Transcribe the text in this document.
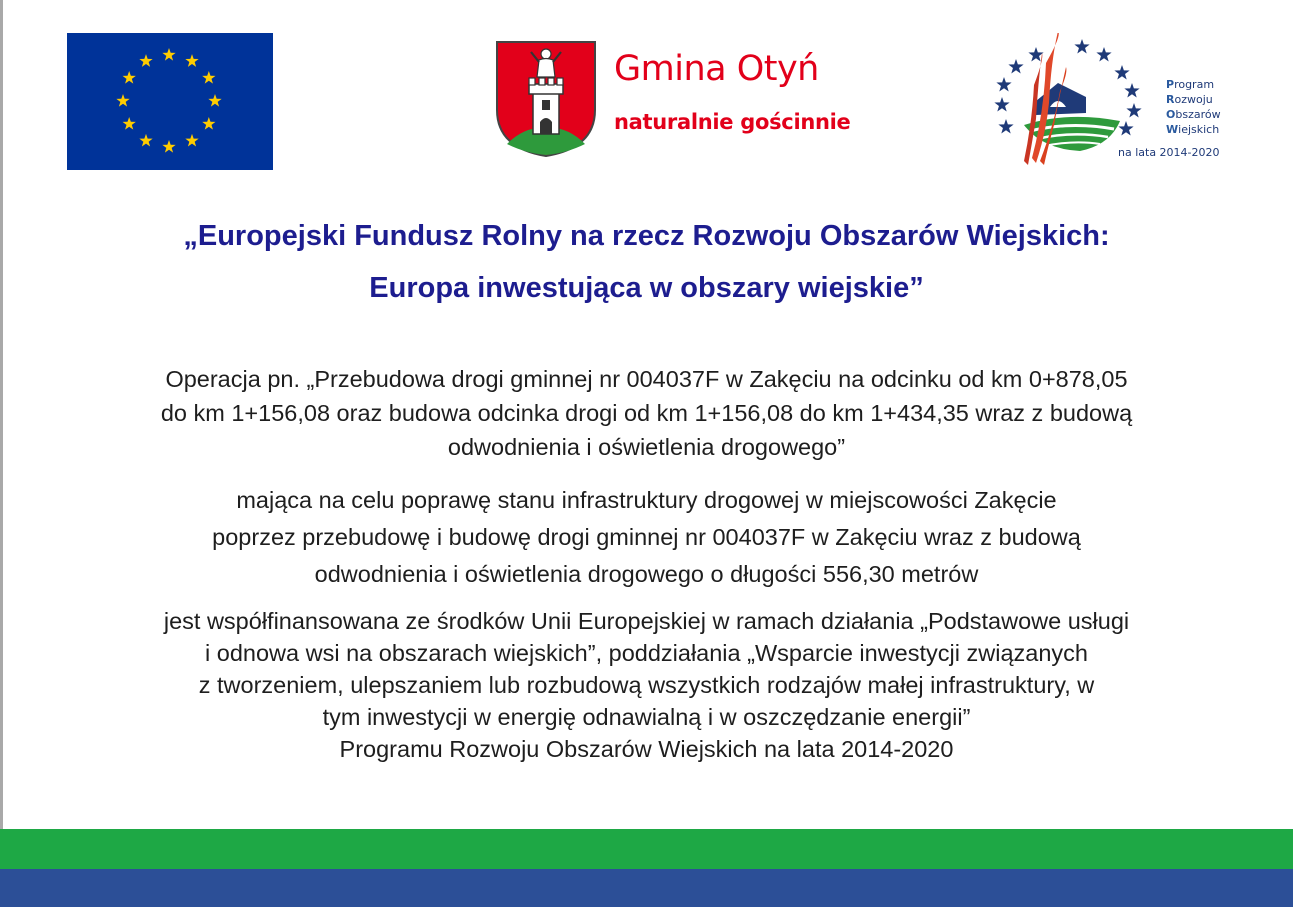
Gmina Otyń
naturalnie gościnnie
Program
Rozwoju
Obszarów
Wiejskich
na lata 2014-2020
„Europejski Fundusz Rolny na rzecz Rozwoju Obszarów Wiejskich:
Europa inwestująca w obszary wiejskie”
Operacja pn. „Przebudowa drogi gminnej nr 004037F w Zakęciu na odcinku od km 0+878,05
do km 1+156,08 oraz budowa odcinka drogi od km 1+156,08 do km 1+434,35 wraz z budową
odwodnienia i oświetlenia drogowego”
mająca na celu poprawę stanu infrastruktury drogowej w miejscowości Zakęcie
poprzez przebudowę i budowę drogi gminnej nr 004037F w Zakęciu wraz z budową
odwodnienia i oświetlenia drogowego o długości 556,30 metrów
jest współfinansowana ze środków Unii Europejskiej w ramach działania „Podstawowe usługi
i odnowa wsi na obszarach wiejskich”, poddziałania „Wsparcie inwestycji związanych
z tworzeniem, ulepszaniem lub rozbudową wszystkich rodzajów małej infrastruktury, w
tym inwestycji w energię odnawialną i w oszczędzanie energii”
Programu Rozwoju Obszarów Wiejskich na lata 2014-2020
